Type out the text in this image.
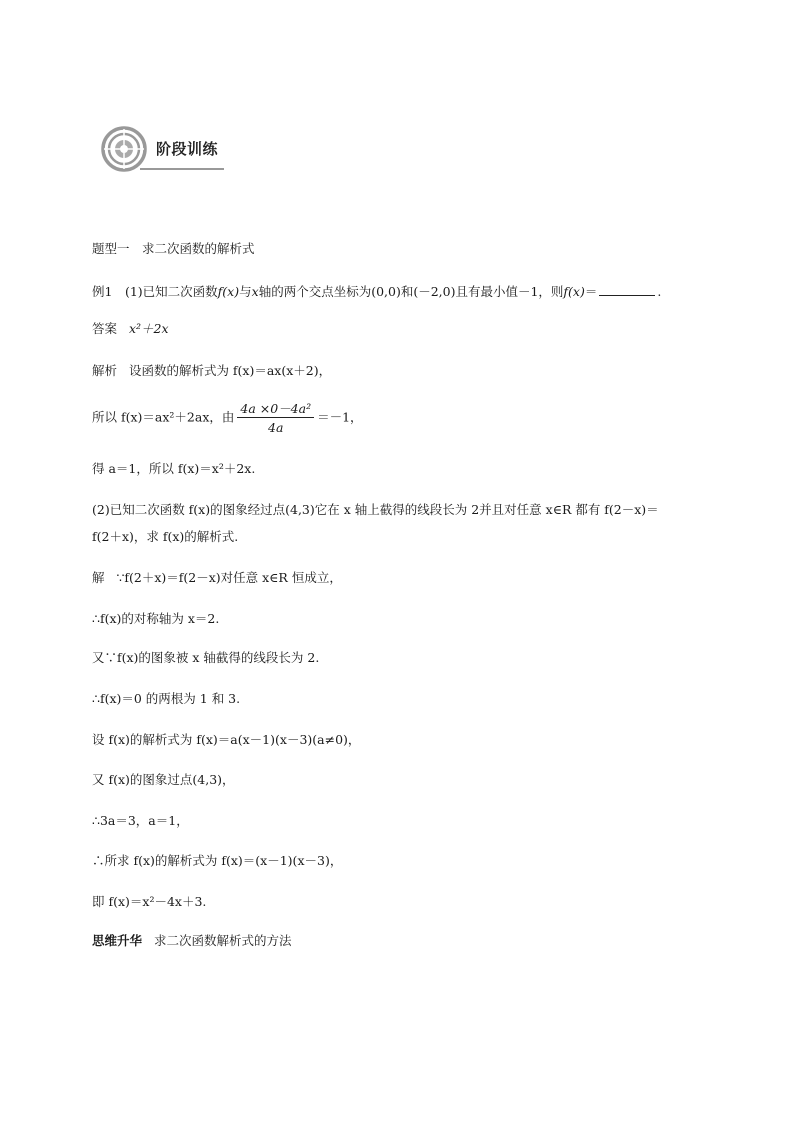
阶段训练
题型一　求二次函数的解析式
例1　(1)已知二次函数f(x)与x轴的两个交点坐标为(0,0)和(－2,0)且有最小值－1，则f(x)＝	.
答案 x²＋2x
解析 设函数的解析式为 f(x)＝ax(x＋2)，
所以 f(x)＝ax²＋2ax，由 $\frac{\text{4a ×0－4a²}}{4a} =-1$，
得 a＝1，所以 f(x)＝x²＋2x.
(2)已知二次函数 f(x)的图象经过点(4,3)它在 x 轴上截得的线段长为 2并且对任意 x∈R 都有 f(2－x)＝
f(2＋x)，求 f(x)的解析式.
解 ∵f(2＋x)＝f(2－x)对任意 x∈R 恒成立，
∴f(x)的对称轴为 x＝2.
又∵f(x)的图象被 x 轴截得的线段长为 2.
∴f(x)＝0 的两根为 1 和 3.
设 f(x)的解析式为 f(x)＝a(x－1)(x－3)(a≠0)，
又 f(x)的图象过点(4,3)，
∴3a＝3，a＝1，
∴所求 f(x)的解析式为 f(x)＝(x－1)(x－3)，
即 f(x)＝x²－4x＋3.
思维升华 求二次函数解析式的方法
